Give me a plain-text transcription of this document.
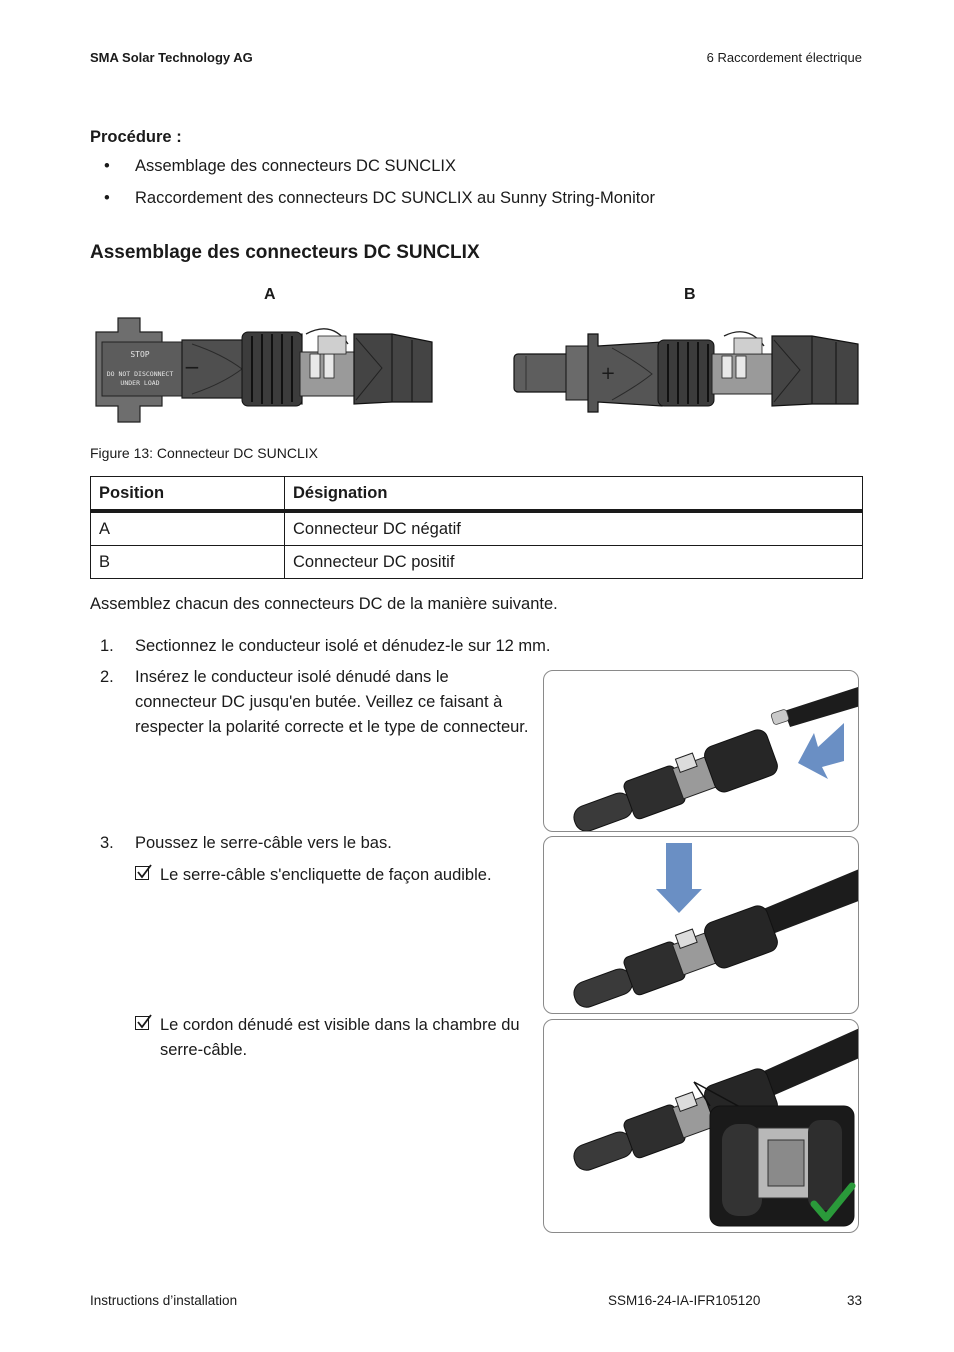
SMA Solar Technology AG	6 Raccordement électrique
Procédure :
• Assemblage des connecteurs DC SUNCLIX
• Raccordement des connecteurs DC SUNCLIX au Sunny String-Monitor
Assemblage des connecteurs DC SUNCLIX
A	B
STOP
DO NOT DISCONNECT
UNDER LOAD
−	+
Figure 13: Connecteur DC SUNCLIX
Position	Désignation
A	Connecteur DC négatif
B	Connecteur DC positif
Assemblez chacun des connecteurs DC de la manière suivante.
1. Sectionnez le conducteur isolé et dénudez-le sur 12 mm.
2. Insérez le conducteur isolé dénudé dans le connecteur DC jusqu'en butée. Veillez ce faisant à respecter la polarité correcte et le type de connecteur.
3. Poussez le serre-câble vers le bas.
Le serre-câble s'encliquette de façon audible.
Le cordon dénudé est visible dans la chambre du serre-câble.
Instructions d’installation	SSM16-24-IA-IFR105120	33
